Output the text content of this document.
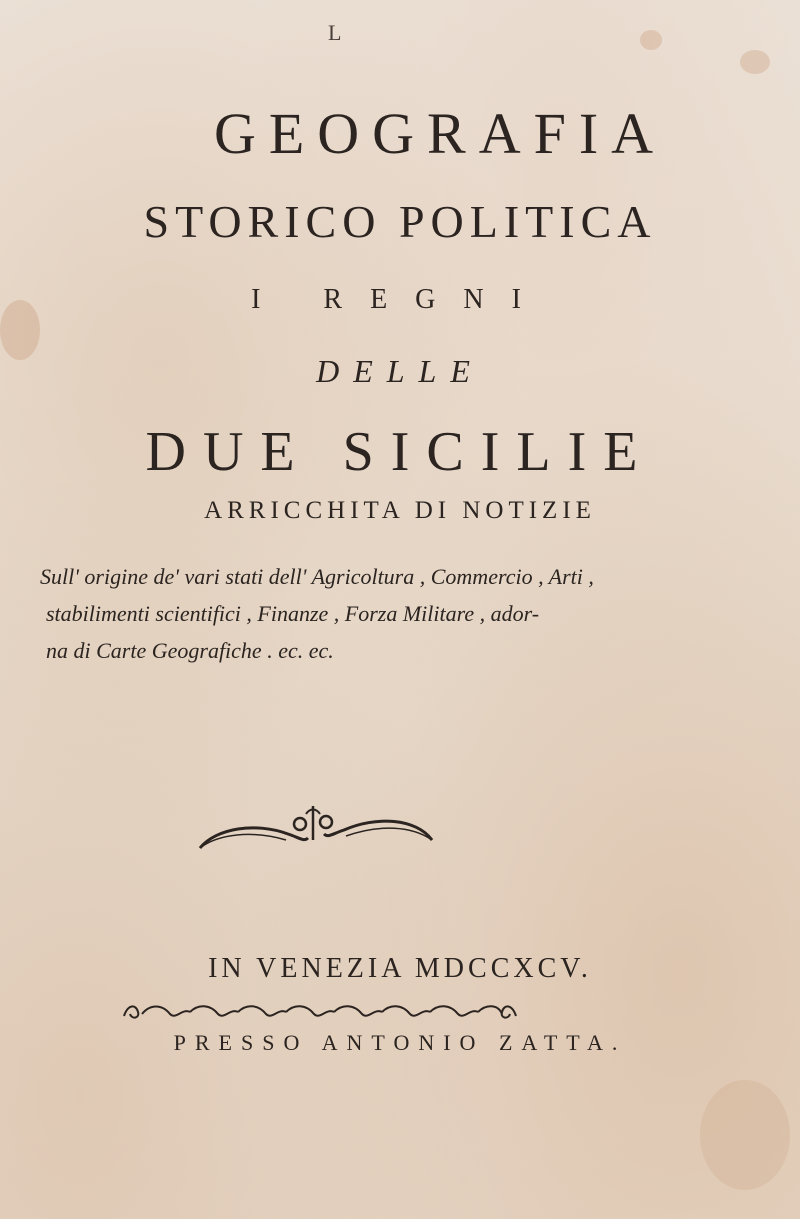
L
GEOGRAFIA
STORICO POLITICA
I REGNI
DELLE
DUE SICILIE
ARRICCHITA DI NOTIZIE
Sull' origine de' vari stati dell' Agricoltura , Commercio , Arti ,
stabilimenti scientifici , Finanze , Forza Militare , ador-
na di Carte Geografiche . ec. ec.
IN VENEZIA MDCCXCV.
PRESSO ANTONIO ZATTA.
